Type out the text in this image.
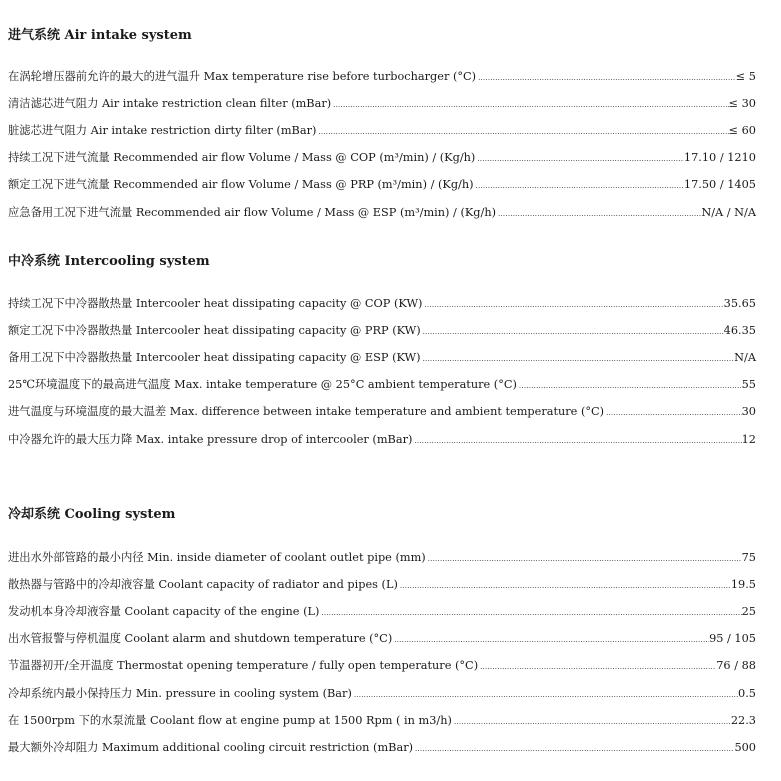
进气系统 Air intake system
在涡轮增压器前允许的最大的进气温升 Max temperature rise before turbocharger (°C) . . .	≤ 5
清洁滤芯进气阻力 Air intake restriction clean filter (mBar) . . .	≤ 30
脏滤芯进气阻力 Air intake restriction dirty filter (mBar) . . .	≤ 60
持续工况下进气流量 Recommended air flow Volume / Mass @ COP (m³/min) / (Kg/h) . . .	17.10 / 1210
额定工况下进气流量 Recommended air flow Volume / Mass @ PRP (m³/min) / (Kg/h) . . .	17.50 / 1405
应急备用工况下进气流量 Recommended air flow Volume / Mass @ ESP (m³/min) / (Kg/h) . . .	N/A / N/A
中冷系统 Intercooling system
持续工况下中冷器散热量 Intercooler heat dissipating capacity @ COP (KW) . . .	35.65
额定工况下中冷器散热量 Intercooler heat dissipating capacity @ PRP (KW) . . .	46.35
备用工况下中冷器散热量 Intercooler heat dissipating capacity @ ESP (KW) . . .	N/A
25℃环境温度下的最高进气温度 Max. intake temperature @ 25°C ambient temperature (°C) . . .	55
进气温度与环境温度的最大温差 Max. difference between intake temperature and ambient temperature (°C) . . .	30
中冷器允许的最大压力降 Max. intake pressure drop of intercooler (mBar) . . .	12
冷却系统 Cooling system
进出水外部管路的最小内径 Min. inside diameter of coolant outlet pipe (mm) . . .	75
散热器与管路中的冷却液容量 Coolant capacity of radiator and pipes (L) . . .	19.5
发动机本身冷却液容量 Coolant capacity of the engine (L) . . .	25
出水管报警与停机温度 Coolant alarm and shutdown temperature (°C) . . .	95 / 105
节温器初开/全开温度 Thermostat opening temperature / fully open temperature (°C) . . .	76 / 88
冷却系统内最小保持压力 Min. pressure in cooling system (Bar) . . .	0.5
在 1500rpm 下的水泵流量 Coolant flow at engine pump at 1500 Rpm ( in m3/h) . . .	22.3
最大额外冷却阻力 Maximum additional cooling circuit restriction (mBar) . . .	500
